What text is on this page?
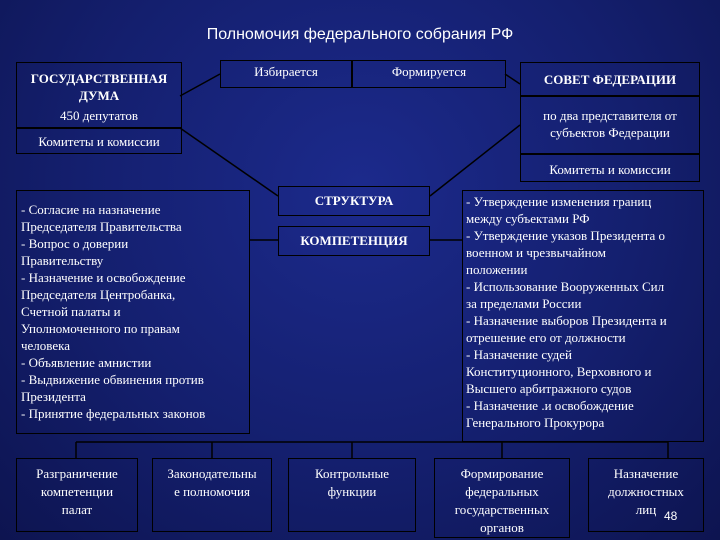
Полномочия федерального собрания РФ
ГОСУДАРСТВЕННАЯ
ДУМА
450 депутатов
Комитеты и комиссии
Избирается	Формируется
СОВЕТ ФЕДЕРАЦИИ
по два представителя от
субъектов Федерации
Комитеты и комиссии
СТРУКТУРА
КОМПЕТЕНЦИЯ
- Согласие на назначение
Председателя Правительства
- Вопрос о доверии
Правительству
- Назначение и освобождение
Председателя Центробанка,
Счетной палаты и
Уполномоченного по правам
человека
- Объявление амнистии
- Выдвижение обвинения против
Президента
- Принятие федеральных законов
- Утверждение изменения границ
между субъектами РФ
- Утверждение указов Президента о
военном и чрезвычайном
положении
- Использование Вооруженных Сил
за пределами России
- Назначение выборов Президента и
отрешение его от должности
- Назначение судей
Конституционного, Верховного и
Высшего арбитражного судов
- Назначение .и освобождение
Генерального Прокурора
Разграничение
компетенции
палат
Законодательны
е полномочия
Контрольные
функции
Формирование
федеральных
государственных
органов
Назначение
должностных
лиц 48
